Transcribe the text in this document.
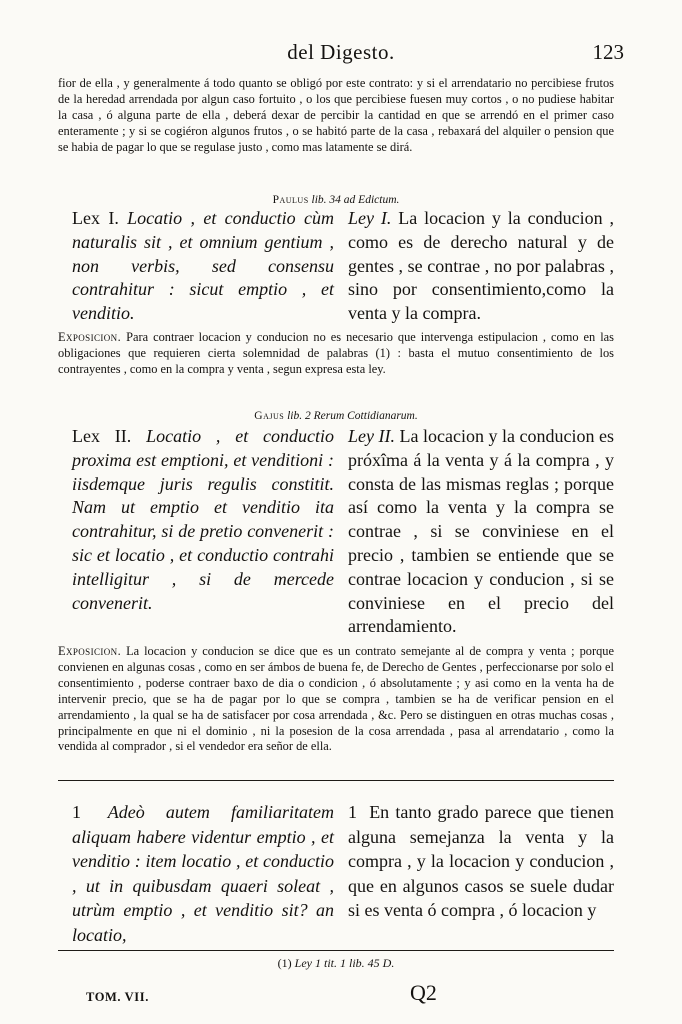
del Digesto.	123
fior de ella , y generalmente á todo quanto se obligó por este contrato: y si el arrendatario no percibiese frutos de la heredad arrendada por algun caso fortuito , o los que percibiese fuesen muy cortos , o no pudiese habitar la casa , ó alguna parte de ella , deberá dexar de percibir la cantidad en que se arrendó en el primer caso enteramente ; y si se cogiéron algunos frutos , o se habitó parte de la casa , rebaxará del alquiler o pension que se habia de pagar lo que se regulase justo , como mas latamente se dirá.
Paulus lib. 34 ad Edictum.
Lex I. Locatio , et conductio cùm naturalis sit , et omnium gentium , non verbis, sed consensu contrahitur : sicut emptio , et venditio.
Ley I. La locacion y la conducion , como es de derecho natural y de gentes , se contrae , no por palabras , sino por consentimiento,como la venta y la compra.
Exposicion. Para contraer locacion y conducion no es necesario que intervenga estipulacion , como en las obligaciones que requieren cierta solemnidad de palabras (1) : basta el mutuo consentimiento de los contrayentes , como en la compra y venta , segun expresa esta ley.
Gajus lib. 2 Rerum Cottidianarum.
Lex II. Locatio , et conductio proxima est emptioni, et venditioni : iisdemque juris regulis constitit. Nam ut emptio et venditio ita contrahitur, si de pretio convenerit : sic et locatio , et conductio contrahi intelligitur , si de mercede convenerit.
Ley II. La locacion y la conducion es próxîma á la venta y á la compra , y consta de las mismas reglas ; porque así como la venta y la compra se contrae , si se conviniese en el precio , tambien se entiende que se contrae locacion y conducion , si se conviniese en el precio del arrendamiento.
Exposicion. La locacion y conducion se dice que es un contrato semejante al de compra y venta ; porque convienen en algunas cosas , como en ser ámbos de buena fe, de Derecho de Gentes , perfeccionarse por solo el consentimiento , poderse contraer baxo de dia o condicion , ó absolutamente ; y asi como en la venta ha de intervenir precio, que se ha de pagar por lo que se compra , tambien se ha de verificar pension en el arrendamiento , la qual se ha de satisfacer por cosa arrendada , &c. Pero se distinguen en otras muchas cosas , principalmente en que ni el dominio , ni la posesion de la cosa arrendada , pasa al arrendatario , como la vendida al comprador , si el vendedor era señor de ella.
1 Adeò autem familiaritatem aliquam habere videntur emptio , et venditio : item locatio , et conductio , ut in quibusdam quaeri soleat , utrùm emptio , et venditio sit? an locatio,
1 En tanto grado parece que tienen alguna semejanza la venta y la compra , y la locacion y conducion , que en algunos casos se suele dudar si es venta ó compra , ó locacion y
(1) Ley 1 tit. 1 lib. 45 D.
TOM. VII.	Q2
